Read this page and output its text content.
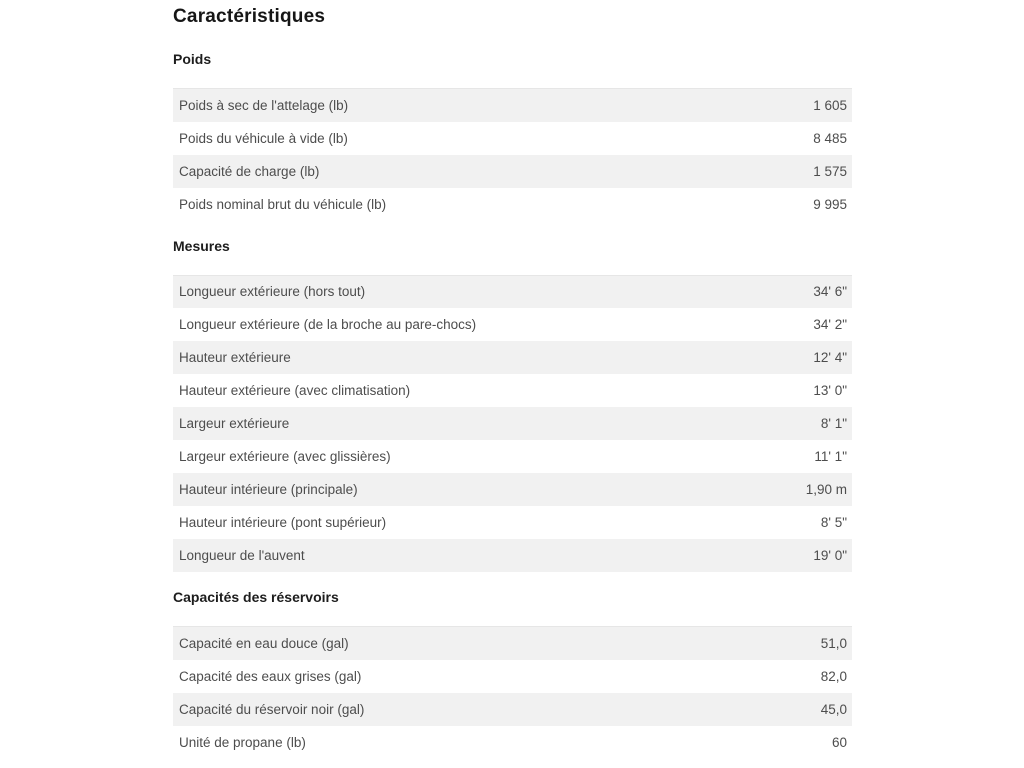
Caractéristiques
Poids
Poids à sec de l'attelage (lb)	1 605
Poids du véhicule à vide (lb)	8 485
Capacité de charge (lb)	1 575
Poids nominal brut du véhicule (lb)	9 995
Mesures
Longueur extérieure (hors tout)	34' 6"
Longueur extérieure (de la broche au pare-chocs)	34' 2"
Hauteur extérieure	12' 4"
Hauteur extérieure (avec climatisation)	13' 0"
Largeur extérieure	8' 1"
Largeur extérieure (avec glissières)	11' 1"
Hauteur intérieure (principale)	1,90 m
Hauteur intérieure (pont supérieur)	8' 5"
Longueur de l'auvent	19' 0"
Capacités des réservoirs
Capacité en eau douce (gal)	51,0
Capacité des eaux grises (gal)	82,0
Capacité du réservoir noir (gal)	45,0
Unité de propane (lb)	60
